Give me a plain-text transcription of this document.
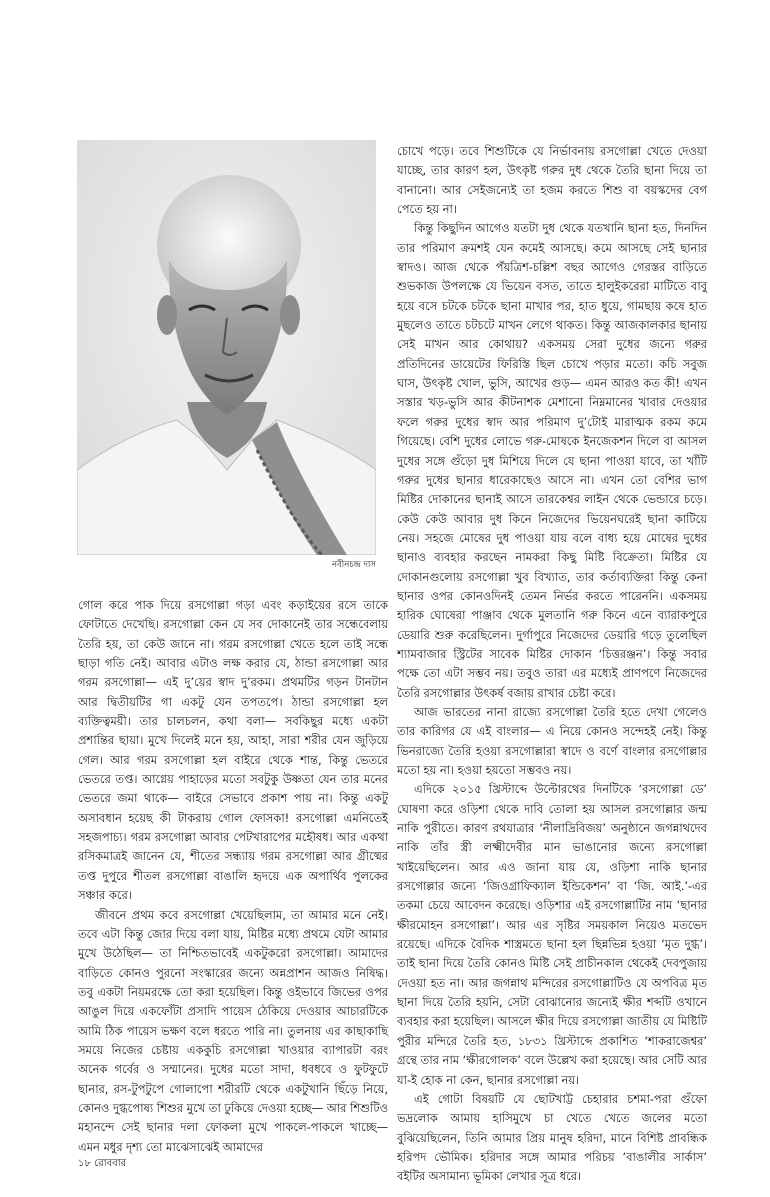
নবীনচন্দ্র দাস

গোল করে পাক দিয়ে রসগোল্লা গড়া এবং কড়াইয়ের রসে তাকে ফোটাতে দেখেছি। রসগোল্লা কেন যে সব দোকানেই তার সন্ধেবেলায় তৈরি হয়, তা কেউ জানে না। গরম রসগোল্লা খেতে হলে তাই সন্ধে ছাড়া গতি নেই। আবার এটাও লক্ষ করার যে, ঠান্ডা রসগোল্লা আর গরম রসগোল্লা— এই দু’য়ের স্বাদ দু’রকম। প্রথমটির গড়ন টানটান আর দ্বিতীয়টির গা একটু যেন তপতপে। ঠান্ডা রসগোল্লা হল ব্যক্তিত্বময়ী। তার চালচলন, কথা বলা— সবকিছুর মধ্যে একটা প্রশান্তির ছায়া। মুখে দিলেই মনে হয়, আহা, সারা শরীর যেন জুড়িয়ে গেল। আর গরম রসগোল্লা হল বাইরে থেকে শান্ত, কিন্তু ভেতরে ভেতরে তপ্ত। আগ্নেয় পাহাড়ের মতো সবটুকু উষ্ণতা যেন তার মনের ভেতরে জমা থাকে— বাইরে সেভাবে প্রকাশ পায় না। কিন্তু একটু অসাবধান হয়েছ কী টাকরায় গোল ফোসকা! রসগোল্লা এমনিতেই সহজপাচ্য। গরম রসগোল্লা আবার পেটখারাপের মহৌষধ। আর একথা রসিকমাত্রই জানেন যে, শীতের সন্ধ্যায় গরম রসগোল্লা আর গ্রীষ্মের তপ্ত দুপুরে শীতল রসগোল্লা বাঙালি হৃদয়ে এক অপার্থিব পুলকের সঞ্চার করে।

জীবনে প্রথম কবে রসগোল্লা খেয়েছিলাম, তা আমার মনে নেই। তবে এটা কিন্তু জোর দিয়ে বলা যায়, মিষ্টির মধ্যে প্রথমে যেটা আমার মুখে উঠেছিল— তা নিশ্চিতভাবেই একটুকরো রসগোল্লা। আমাদের বাড়িতে কোনও পুরনো সংস্কারের জন্যে অন্নপ্রাশন আজও নিষিদ্ধ। তবু একটা নিয়মরক্ষে তো করা হয়েছিল। কিন্তু ওইভাবে জিভের ওপর আঙুল দিয়ে একফোঁটা প্রসাদি পায়েস ঠেকিয়ে দেওয়ার আচারটিকে আমি ঠিক পায়েস ভক্ষণ বলে ধরতে পারি না। তুলনায় এর কাছাকাছি সময়ে নিজের চেষ্টায় এককুচি রসগোল্লা খাওয়ার ব্যাপারটা বরং অনেক গর্বের ও সম্মানের। দুধের মতো সাদা, ধবধবে ও ফুটফুটে ছানার, রস-টুপটুপে গোলাপো শরীরটি থেকে একটুখানি ছিঁড়ে নিয়ে, কোনও দুগ্ধপোষ্য শিশুর মুখে তা ঢুকিয়ে দেওয়া হচ্ছে— আর শিশুটিও মহানন্দে সেই ছানার দলা ফোকলা মুখে পাকলে-পাকলে খাচ্ছে— এমন মধুর দৃশ্য তো মাঝেসাঝেই আমাদের

চোখে পড়ে। তবে শিশুটিকে যে নির্ভাবনায় রসগোল্লা খেতে দেওয়া যাচ্ছে, তার কারণ হল, উৎকৃষ্ট গরুর দুধ থেকে তৈরি ছানা দিয়ে তা বানানো। আর সেইজন্যেই তা হজম করতে শিশু বা বয়স্কদের বেগ পেতে হয় না।

কিন্তু কিছুদিন আগেও যতটা দুধ থেকে যতখানি ছানা হত, দিনদিন তার পরিমাণ ক্রমশই যেন কমেই আসছে। কমে আসছে সেই ছানার স্বাদও। আজ থেকে পঁয়ত্রিশ-চল্লিশ বছর আগেও গেরস্তর বাড়িতে শুভকাজ উপলক্ষে যে ভিয়েন বসত, তাতে হালুইকরেরা মাটিতে বাবু হয়ে বসে চটকে চটকে ছানা মাখার পর, হাত ধুয়ে, গামছায় কষে হাত মুছলেও তাতে চটচটে মাখন লেগে থাকত। কিন্তু আজকালকার ছানায় সেই মাখন আর কোথায়? একসময় সেরা দুধের জন্যে গরুর প্রতিদিনের ডায়েটের ফিরিস্তি ছিল চোখে পড়ার মতো। কচি সবুজ ঘাস, উৎকৃষ্ট খোল, ভুসি, আখের গুড়— এমন আরও কত কী! এখন সস্তার খড়-ভুসি আর কীটনাশক মেশানো নিম্নমানের খাবার দেওয়ার ফলে গরুর দুধের স্বাদ আর পরিমাণ দু’টোই মারাত্মক রকম কমে গিয়েছে। বেশি দুধের লোভে গরু-মোষকে ইনজেকশন দিলে বা আসল দুধের সঙ্গে গুঁড়ো দুধ মিশিয়ে দিলে যে ছানা পাওয়া যাবে, তা খাঁটি গরুর দুধের ছানার ধারেকাছেও আসে না। এখন তো বেশির ভাগ মিষ্টির দোকানের ছানাই আসে তারকেশ্বর লাইন থেকে ভেন্ডারে চড়ে। কেউ কেউ আবার দুধ কিনে নিজেদের ভিয়েনঘরেই ছানা কাটিয়ে নেয়। সহজে মোষের দুধ পাওয়া যায় বলে বাধ্য হয়ে মোষের দুধের ছানাও ব্যবহার করছেন নামকরা কিছু মিষ্টি বিক্রেতা। মিষ্টির যে দোকানগুলোয় রসগোল্লা খুব বিখ্যাত, তার কর্তাব্যক্তিরা কিন্তু কেনা ছানার ওপর কোনওদিনই তেমন নির্ভর করতে পারেননি। একসময় হারিক ঘোষেরা পাঞ্জাব থেকে মুলতানি গরু কিনে এনে ব্যারাকপুরে ডেয়ারি শুরু করেছিলেন। দুর্গাপুরে নিজেদের ডেয়ারি গড়ে তুলেছিল শ্যামবাজার স্ট্রিটের সাবেক মিষ্টির দোকান ‘চিত্তরঞ্জন’। কিন্তু সবার পক্ষে তো এটা সম্ভব নয়। তবুও তারা এর মধ্যেই প্রাণপণে নিজেদের তৈরি রসগোল্লার উৎকর্ষ বজায় রাখার চেষ্টা করে।

আজ ভারতের নানা রাজ্যে রসগোল্লা তৈরি হতে দেখা গেলেও তার কারিগর যে এই বাংলার— এ নিয়ে কোনও সন্দেহই নেই। কিন্তু ভিনরাজ্যে তৈরি হওয়া রসগোল্লারা স্বাদে ও বর্ণে বাংলার রসগোল্লার মতো হয় না। হওয়া হয়তো সম্ভবও নয়।

এদিকে ২০১৫ খ্রিস্টাব্দে উল্টোরথের দিনটিকে ‘রসগোল্লা ডে’ ঘোষণা করে ওড়িশা থেকে দাবি তোলা হয় আসল রসগোল্লার জন্ম নাকি পুরীতে। কারণ রথযাত্রার ‘নীলাদ্রিবিজয়’ অনুষ্ঠানে জগন্নাথদেব নাকি তাঁর স্ত্রী লক্ষ্মীদেবীর মান ভাঙানোর জন্যে রসগোল্লা খাইয়েছিলেন। আর এও জানা যায় যে, ওড়িশা নাকি ছানার রসগোল্লার জন্যে ‘জিওগ্রাফিক্যাল ইন্ডিকেশন’ বা ‘জি. আই.’-এর তকমা চেয়ে আবেদন করেছে। ওড়িশার এই রসগোল্লাটির নাম ‘ছানার ক্ষীরমোহন রসগোল্লা’। আর এর সৃষ্টির সময়কাল নিয়েও মতভেদ রয়েছে। এদিকে বৈদিক শাস্ত্রমতে ছানা হল ছিন্নভিন্ন হওয়া ‘মৃত দুগ্ধ’। তাই ছানা দিয়ে তৈরি কোনও মিষ্টি সেই প্রাচীনকাল থেকেই দেবপুজায় দেওয়া হত না। আর জগন্নাথ মন্দিরের রসগোল্লাটিও যে অপবিত্র মৃত ছানা দিয়ে তৈরি হয়নি, সেটা বোঝানোর জন্যেই ক্ষীর শব্দটি ওখানে ব্যবহার করা হয়েছিল। আসলে ক্ষীর দিয়ে রসগোল্লা জাতীয় যে মিষ্টিটি পুরীর মন্দিরে তৈরি হত, ১৮৩১ খ্রিস্টাব্দে প্রকাশিত ‘শাকরাজেশ্বর’ গ্রন্থে তার নাম ‘ক্ষীরগোলক’ বলে উল্লেখ করা হয়েছে। আর সেটি আর যা-ই হোক না কেন, ছানার রসগোল্লা নয়।

এই গোটা বিষয়টি যে ছোটখাট্ট চেহারার চশমা-পরা গুঁফো ভদ্রলোক আমায় হাসিমুখে চা খেতে খেতে জলের মতো বুঝিয়েছিলেন, তিনি আমার প্রিয় মানুষ হরিদা, মানে বিশিষ্ট প্রাবন্ধিক হরিপদ ভৌমিক। হরিদার সঙ্গে আমার পরিচয় ‘বাঙালীর সার্কাস’ বইটির অসামান্য ভূমিকা লেখার সূত্র ধরে।

১৮ রোববার
